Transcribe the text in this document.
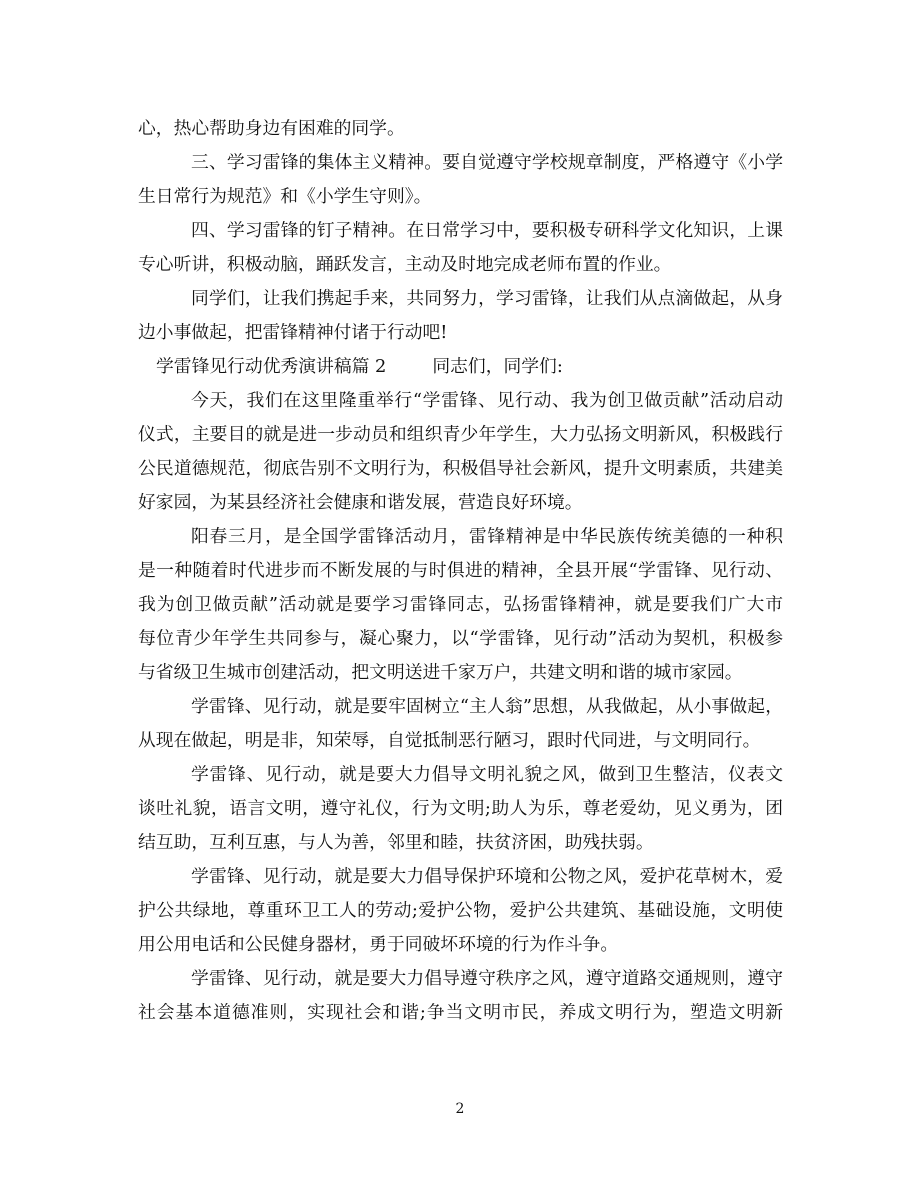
心，热心帮助身边有困难的同学。

三、学习雷锋的集体主义精神。要自觉遵守学校规章制度，严格遵守《小学

生日常行为规范》和《小学生守则》。

四、学习雷锋的钉子精神。在日常学习中，要积极专研科学文化知识，上课

专心听讲，积极动脑，踊跃发言，主动及时地完成老师布置的作业。

同学们，让我们携起手来，共同努力，学习雷锋，让我们从点滴做起，从身

边小事做起，把雷锋精神付诸于行动吧!

学雷锋见行动优秀演讲稿篇 2	同志们，同学们:

今天，我们在这里隆重举行“学雷锋、见行动、我为创卫做贡献”活动启动

仪式，主要目的就是进一步动员和组织青少年学生，大力弘扬文明新风，积极践行

公民道德规范，彻底告别不文明行为，积极倡导社会新风，提升文明素质，共建美

好家园，为某县经济社会健康和谐发展，营造良好环境。

阳春三月，是全国学雷锋活动月，雷锋精神是中华民族传统美德的一种积

是一种随着时代进步而不断发展的与时俱进的精神，全县开展“学雷锋、见行动、

我为创卫做贡献”活动就是要学习雷锋同志，弘扬雷锋精神，就是要我们广大市

每位青少年学生共同参与，凝心聚力，以“学雷锋，见行动”活动为契机，积极参

与省级卫生城市创建活动，把文明送进千家万户，共建文明和谐的城市家园。

学雷锋、见行动，就是要牢固树立“主人翁”思想，从我做起，从小事做起，

从现在做起，明是非，知荣辱，自觉抵制恶行陋习，跟时代同进，与文明同行。

学雷锋、见行动，就是要大力倡导文明礼貌之风，做到卫生整洁，仪表文

谈吐礼貌，语言文明，遵守礼仪，行为文明;助人为乐，尊老爱幼，见义勇为，团

结互助，互利互惠，与人为善，邻里和睦，扶贫济困，助残扶弱。

学雷锋、见行动，就是要大力倡导保护环境和公物之风，爱护花草树木，爱

护公共绿地，尊重环卫工人的劳动;爱护公物，爱护公共建筑、基础设施，文明使

用公用电话和公民健身器材，勇于同破坏环境的行为作斗争。

学雷锋、见行动，就是要大力倡导遵守秩序之风，遵守道路交通规则，遵守

社会基本道德准则，实现社会和谐;争当文明市民，养成文明行为，塑造文明新

2
